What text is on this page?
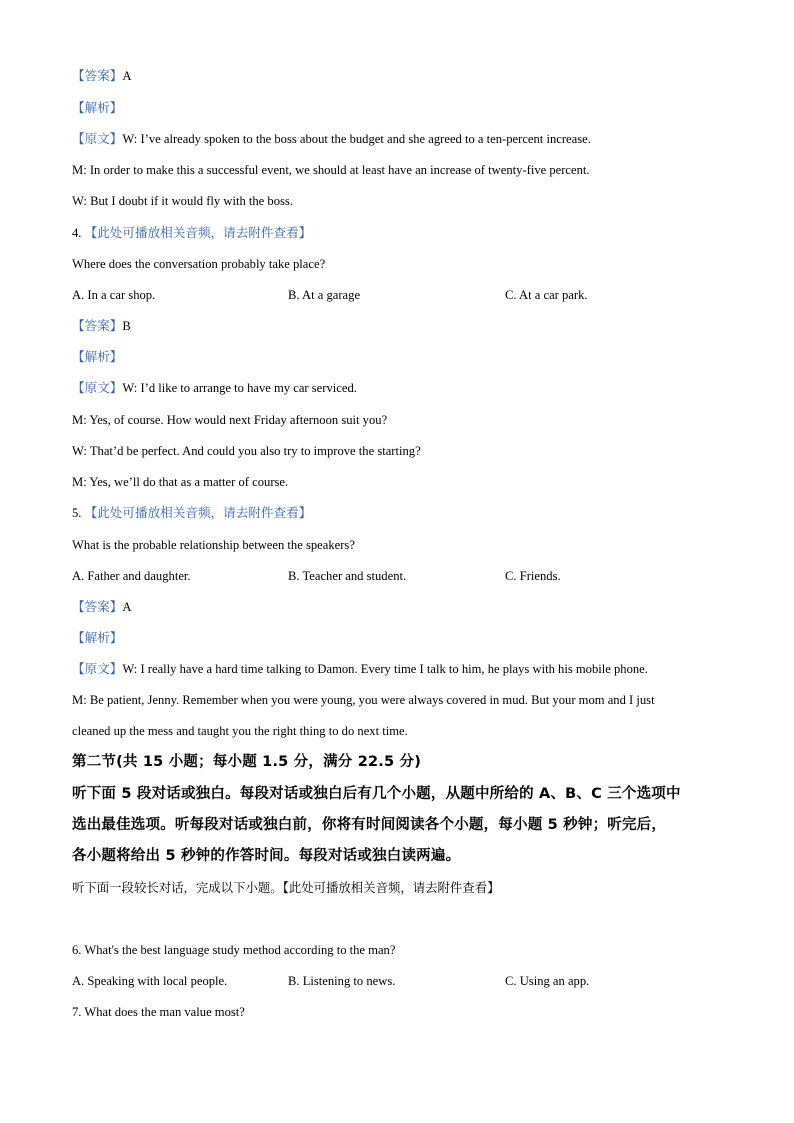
【答案】A
【解析】
【原文】W: I’ve already spoken to the boss about the budget and she agreed to a ten-percent increase.
M: In order to make this a successful event, we should at least have an increase of twenty-five percent.
W: But I doubt if it would fly with the boss.
4. 【此处可播放相关音频，请去附件查看】
Where does the conversation probably take place?
A. In a car shop.	B. At a garage	C. At a car park.
【答案】B
【解析】
【原文】W: I’d like to arrange to have my car serviced.
M: Yes, of course. How would next Friday afternoon suit you?
W: That’d be perfect. And could you also try to improve the starting?
M: Yes, we’ll do that as a matter of course.
5. 【此处可播放相关音频，请去附件查看】
What is the probable relationship between the speakers?
A. Father and daughter.	B. Teacher and student.	C. Friends.
【答案】A
【解析】
【原文】W: I really have a hard time talking to Damon. Every time I talk to him, he plays with his mobile phone.
M: Be patient, Jenny. Remember when you were young, you were always covered in mud. But your mom and I just
cleaned up the mess and taught you the right thing to do next time.
第二节(共 15 小题；每小题 1.5 分，满分 22.5 分)
听下面 5 段对话或独白。每段对话或独白后有几个小题，从题中所给的 A、B、C 三个选项中
选出最佳选项。听每段对话或独白前，你将有时间阅读各个小题，每小题 5 秒钟；听完后，
各小题将给出 5 秒钟的作答时间。每段对话或独白读两遍。
听下面一段较长对话，完成以下小题。【此处可播放相关音频，请去附件查看】
6. What's the best language study method according to the man?
A. Speaking with local people.	B. Listening to news.	C. Using an app.
7. What does the man value most?
